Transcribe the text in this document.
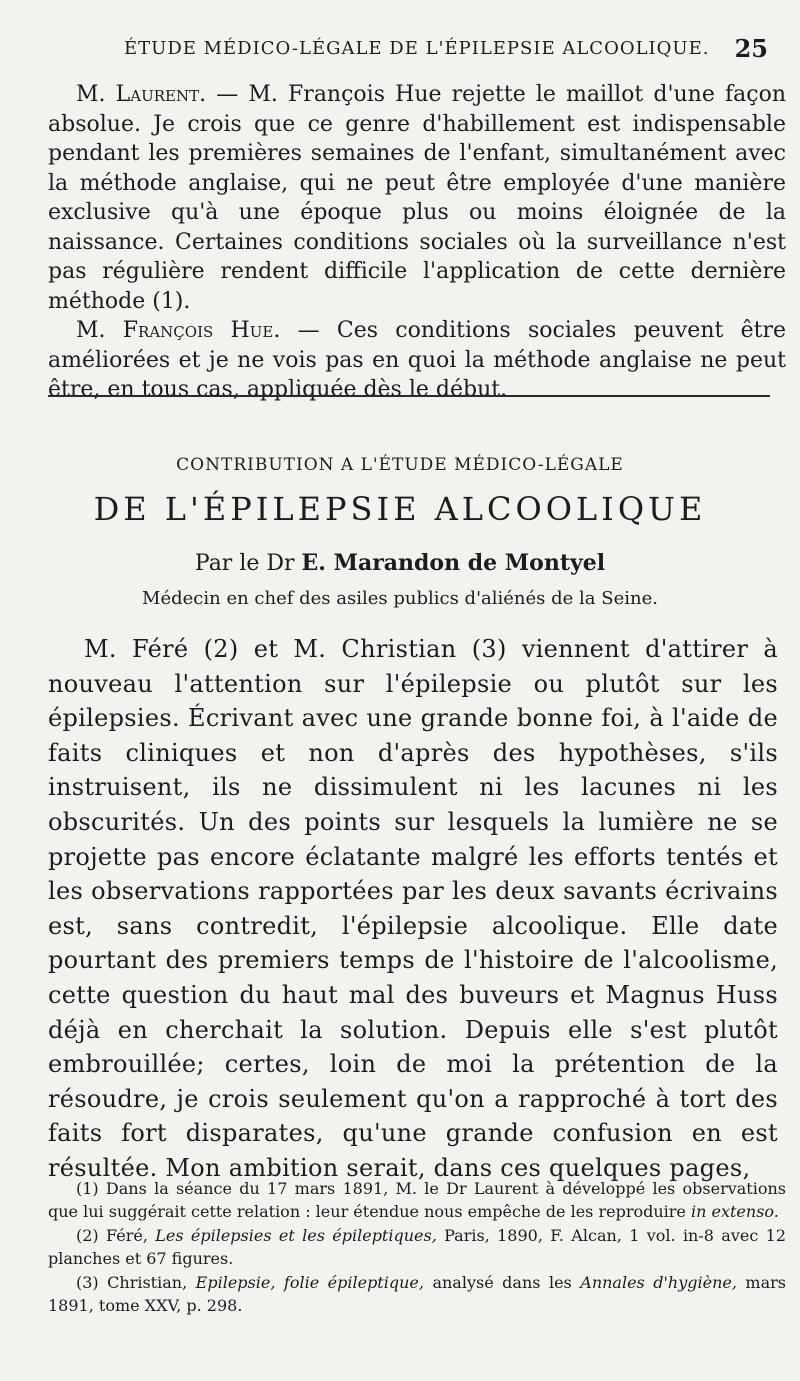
ÉTUDE MÉDICO-LÉGALE DE L'ÉPILEPSIE ALCOOLIQUE. 25

M. Laurent. — M. François Hue rejette le maillot d'une façon absolue. Je crois que ce genre d'habillement est indispensable pendant les premières semaines de l'enfant, simultanément avec la méthode anglaise, qui ne peut être employée d'une manière exclusive qu'à une époque plus ou moins éloignée de la naissance. Certaines conditions sociales où la surveillance n'est pas régulière rendent difficile l'application de cette dernière méthode (1).

M. François Hue. — Ces conditions sociales peuvent être améliorées et je ne vois pas en quoi la méthode anglaise ne peut être, en tous cas, appliquée dès le début.

CONTRIBUTION A L'ÉTUDE MÉDICO-LÉGALE
DE L'ÉPILEPSIE ALCOOLIQUE
Par le Dr E. Marandon de Montyel
Médecin en chef des asiles publics d'aliénés de la Seine.

M. Féré (2) et M. Christian (3) viennent d'attirer à nouveau l'attention sur l'épilepsie ou plutôt sur les épilepsies. Écrivant avec une grande bonne foi, à l'aide de faits cliniques et non d'après des hypothèses, s'ils instruisent, ils ne dissimulent ni les lacunes ni les obscurités. Un des points sur lesquels la lumière ne se projette pas encore éclatante malgré les efforts tentés et les observations rapportées par les deux savants écrivains est, sans contredit, l'épilepsie alcoolique. Elle date pourtant des premiers temps de l'histoire de l'alcoolisme, cette question du haut mal des buveurs et Magnus Huss déjà en cherchait la solution. Depuis elle s'est plutôt embrouillée; certes, loin de moi la prétention de la résoudre, je crois seulement qu'on a rapproché à tort des faits fort disparates, qu'une grande confusion en est résultée. Mon ambition serait, dans ces quelques pages,

(1) Dans la séance du 17 mars 1891, M. le Dr Laurent à développé les observations que lui suggérait cette relation : leur étendue nous empêche de les reproduire in extenso.

(2) Féré, Les épilepsies et les épileptiques, Paris, 1890, F. Alcan, 1 vol. in-8 avec 12 planches et 67 figures.

(3) Christian, Epilepsie, folie épileptique, analysé dans les Annales d'hygiène, mars 1891, tome XXV, p. 298.
